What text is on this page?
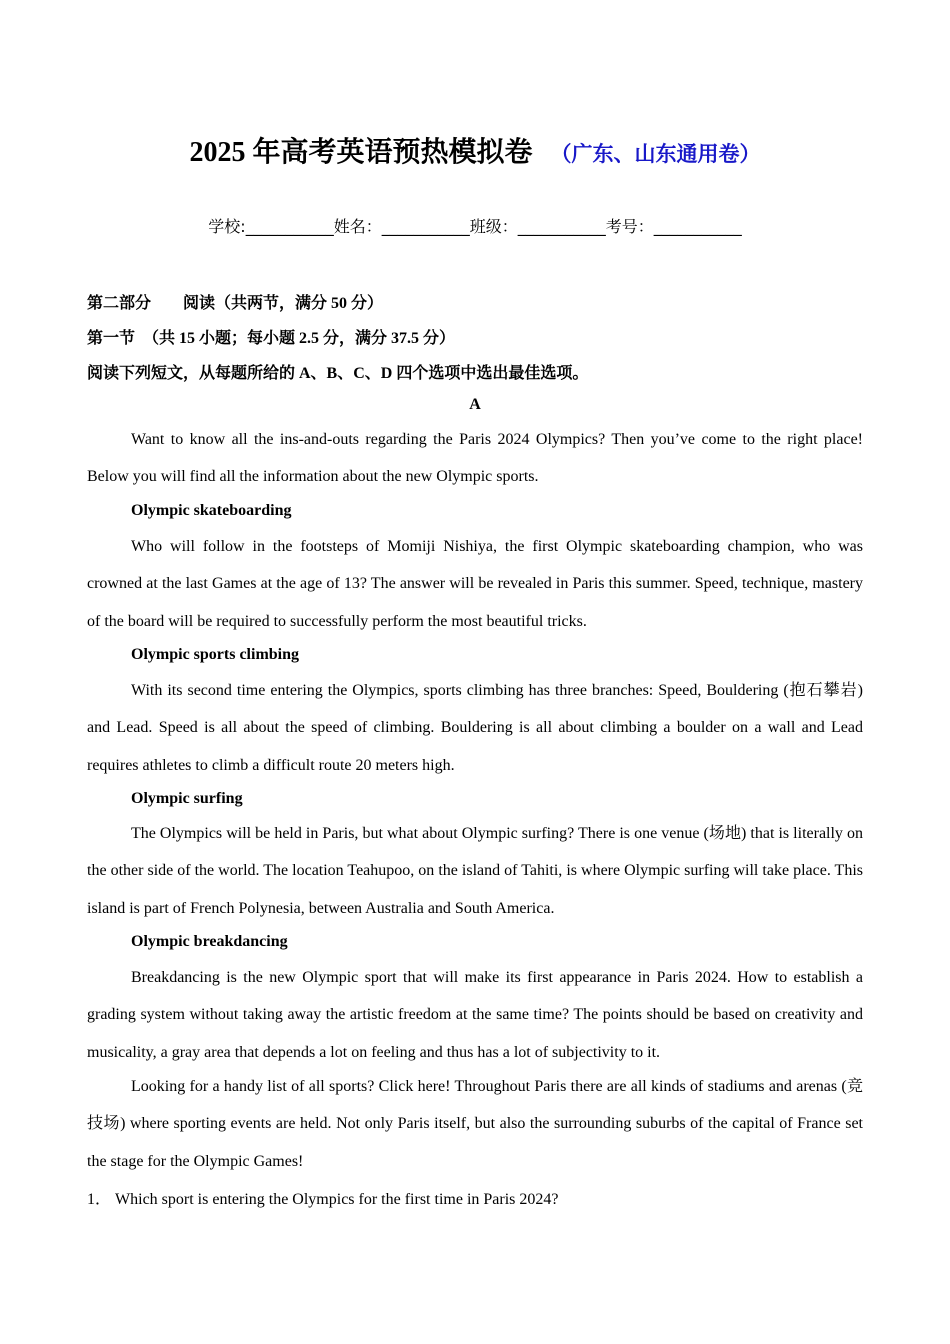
2025 年高考英语预热模拟卷 （广东、山东通用卷）
学校:___________姓名：___________班级：___________考号：___________
第二部分　　阅读（共两节，满分 50 分）
第一节　（共 15 小题；每小题 2.5 分，满分 37.5 分）
阅读下列短文，从每题所给的 A、B、C、D 四个选项中选出最佳选项。
A
Want to know all the ins-and-outs regarding the Paris 2024 Olympics? Then you’ve come to the right place! Below you will find all the information about the new Olympic sports.
Olympic skateboarding
Who will follow in the footsteps of Momiji Nishiya, the first Olympic skateboarding champion, who was crowned at the last Games at the age of 13? The answer will be revealed in Paris this summer. Speed, technique, mastery of the board will be required to successfully perform the most beautiful tricks.
Olympic sports climbing
With its second time entering the Olympics, sports climbing has three branches: Speed, Bouldering (抱石攀岩) and Lead. Speed is all about the speed of climbing. Bouldering is all about climbing a boulder on a wall and Lead requires athletes to climb a difficult route 20 meters high.
Olympic surfing
The Olympics will be held in Paris, but what about Olympic surfing? There is one venue (场地) that is literally on the other side of the world. The location Teahupoo, on the island of Tahiti, is where Olympic surfing will take place. This island is part of French Polynesia, between Australia and South America.
Olympic breakdancing
Breakdancing is the new Olympic sport that will make its first appearance in Paris 2024. How to establish a grading system without taking away the artistic freedom at the same time? The points should be based on creativity and musicality, a gray area that depends a lot on feeling and thus has a lot of subjectivity to it.
Looking for a handy list of all sports? Click here! Throughout Paris there are all kinds of stadiums and arenas (竞技场) where sporting events are held. Not only Paris itself, but also the surrounding suburbs of the capital of France set the stage for the Olympic Games!
1． Which sport is entering the Olympics for the first time in Paris 2024?
